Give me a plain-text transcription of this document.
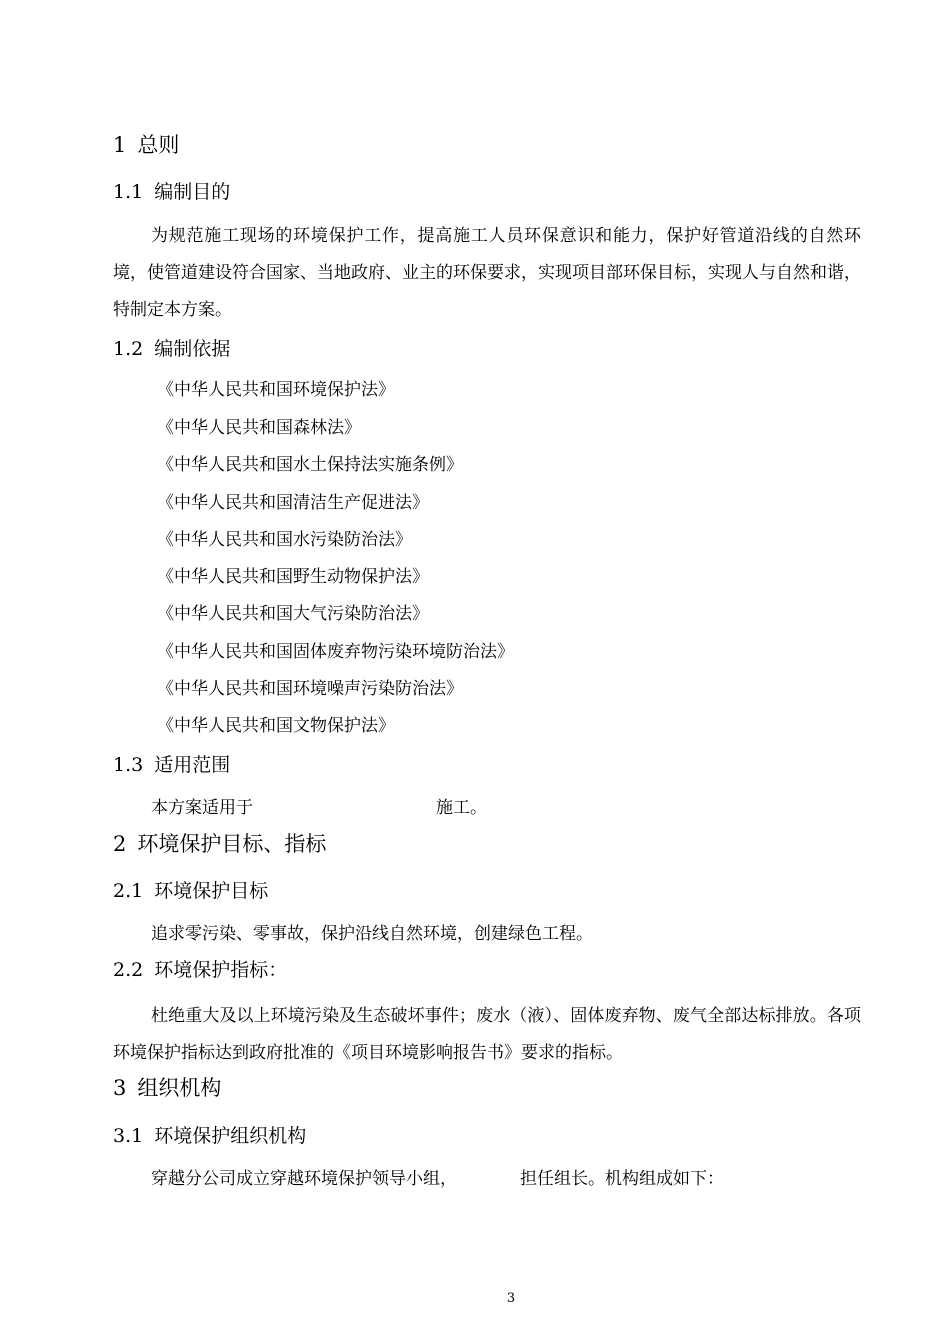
1 总则
1.1 编制目的
为规范施工现场的环境保护工作，提高施工人员环保意识和能力，保护好管道沿线的自然环境，使管道建设符合国家、当地政府、业主的环保要求，实现项目部环保目标，实现人与自然和谐，特制定本方案。
1.2 编制依据
《中华人民共和国环境保护法》
《中华人民共和国森林法》
《中华人民共和国水土保持法实施条例》
《中华人民共和国清洁生产促进法》
《中华人民共和国水污染防治法》
《中华人民共和国野生动物保护法》
《中华人民共和国大气污染防治法》
《中华人民共和国固体废弃物污染环境防治法》
《中华人民共和国环境噪声污染防治法》
《中华人民共和国文物保护法》
1.3 适用范围
本方案适用于	施工。
2 环境保护目标、指标
2.1 环境保护目标
追求零污染、零事故，保护沿线自然环境，创建绿色工程。
2.2 环境保护指标：
杜绝重大及以上环境污染及生态破坏事件；废水（液）、固体废弃物、废气全部达标排放。各项环境保护指标达到政府批准的《项目环境影响报告书》要求的指标。
3 组织机构
3.1 环境保护组织机构
穿越分公司成立穿越环境保护领导小组，	担任组长。机构组成如下：
3
